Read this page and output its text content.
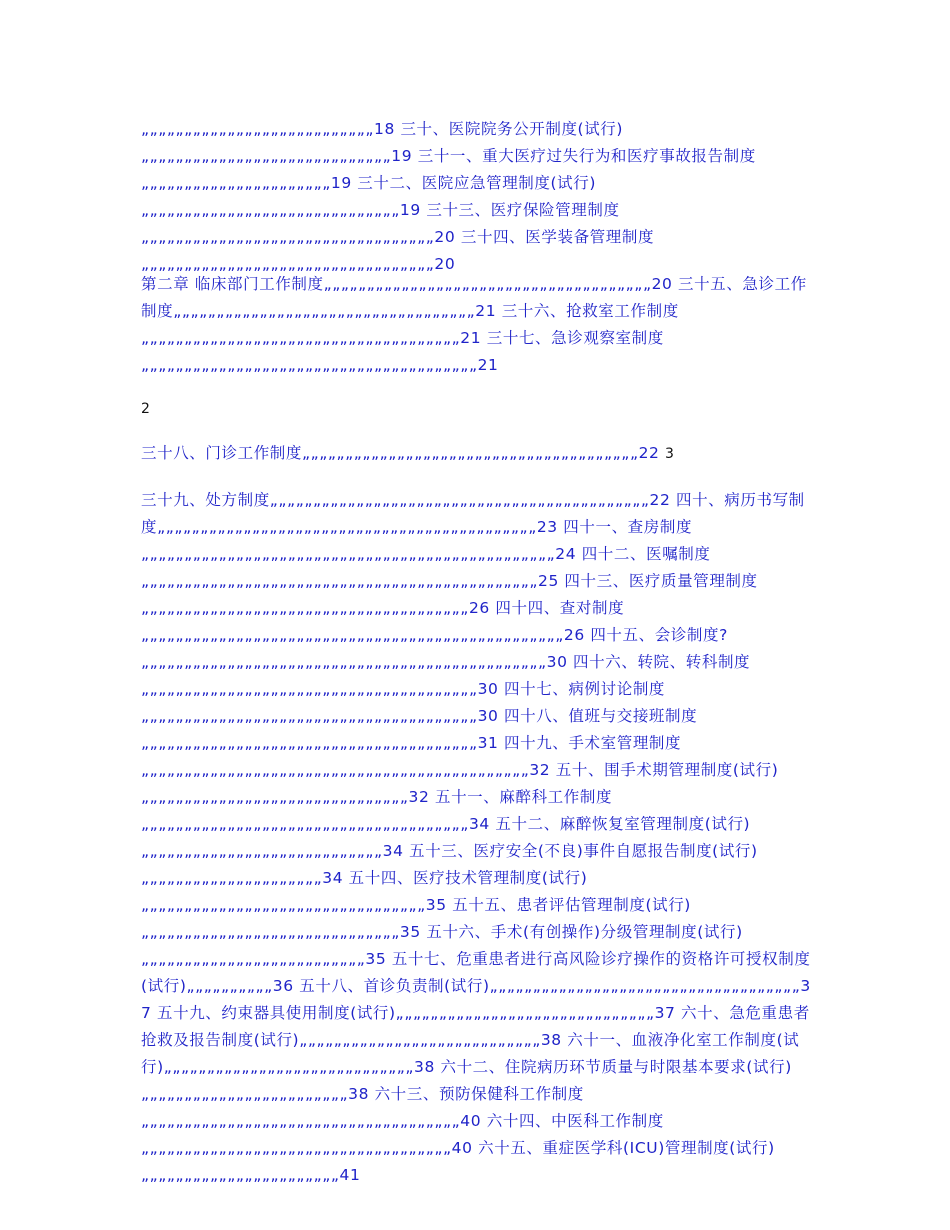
„„„„„„„„„„„„„„„„„„„„„„„„„„„18 三十、医院院务公开制度(试行)„„„„„„„„„„„„„„„„„„„„„„„„„„„„„19 三十一、重大医疗过失行为和医疗事故报告制度„„„„„„„„„„„„„„„„„„„„„„19 三十二、医院应急管理制度(试行)„„„„„„„„„„„„„„„„„„„„„„„„„„„„„„19 三十三、医疗保险管理制度„„„„„„„„„„„„„„„„„„„„„„„„„„„„„„„„„„20 三十四、医学装备管理制度„„„„„„„„„„„„„„„„„„„„„„„„„„„„„„„„„„20

第二章 临床部门工作制度„„„„„„„„„„„„„„„„„„„„„„„„„„„„„„„„„„„„„„20 三十五、急诊工作制度„„„„„„„„„„„„„„„„„„„„„„„„„„„„„„„„„„„21 三十六、抢救室工作制度„„„„„„„„„„„„„„„„„„„„„„„„„„„„„„„„„„„„„21 三十七、急诊观察室制度„„„„„„„„„„„„„„„„„„„„„„„„„„„„„„„„„„„„„„„21

2

三十八、门诊工作制度„„„„„„„„„„„„„„„„„„„„„„„„„„„„„„„„„„„„„„„22 3

三十九、处方制度„„„„„„„„„„„„„„„„„„„„„„„„„„„„„„„„„„„„„„„„„„„„22 四十、病历书写制度„„„„„„„„„„„„„„„„„„„„„„„„„„„„„„„„„„„„„„„„„„„„23 四十一、查房制度„„„„„„„„„„„„„„„„„„„„„„„„„„„„„„„„„„„„„„„„„„„„„„„„24 四十二、医嘱制度„„„„„„„„„„„„„„„„„„„„„„„„„„„„„„„„„„„„„„„„„„„„„„25 四十三、医疗质量管理制度„„„„„„„„„„„„„„„„„„„„„„„„„„„„„„„„„„„„„„26 四十四、查对制度„„„„„„„„„„„„„„„„„„„„„„„„„„„„„„„„„„„„„„„„„„„„„„„„„26 四十五、会诊制度?„„„„„„„„„„„„„„„„„„„„„„„„„„„„„„„„„„„„„„„„„„„„„„„30 四十六、转院、转科制度„„„„„„„„„„„„„„„„„„„„„„„„„„„„„„„„„„„„„„„30 四十七、病例讨论制度„„„„„„„„„„„„„„„„„„„„„„„„„„„„„„„„„„„„„„„30 四十八、值班与交接班制度„„„„„„„„„„„„„„„„„„„„„„„„„„„„„„„„„„„„„„„31 四十九、手术室管理制度„„„„„„„„„„„„„„„„„„„„„„„„„„„„„„„„„„„„„„„„„„„„„32 五十、围手术期管理制度(试行)„„„„„„„„„„„„„„„„„„„„„„„„„„„„„„„32 五十一、麻醉科工作制度„„„„„„„„„„„„„„„„„„„„„„„„„„„„„„„„„„„„„„34 五十二、麻醉恢复室管理制度(试行)„„„„„„„„„„„„„„„„„„„„„„„„„„„„34 五十三、医疗安全(不良)事件自愿报告制度(试行)„„„„„„„„„„„„„„„„„„„„„34 五十四、医疗技术管理制度(试行)„„„„„„„„„„„„„„„„„„„„„„„„„„„„„„„„„35 五十五、患者评估管理制度(试行)„„„„„„„„„„„„„„„„„„„„„„„„„„„„„„35 五十六、手术(有创操作)分级管理制度(试行)„„„„„„„„„„„„„„„„„„„„„„„„„„35 五十七、危重患者进行高风险诊疗操作的资格许可授权制度(试行)„„„„„„„„„„36 五十八、首诊负责制(试行)„„„„„„„„„„„„„„„„„„„„„„„„„„„„„„„„„„„„37 五十九、约束器具使用制度(试行)„„„„„„„„„„„„„„„„„„„„„„„„„„„„„„37 六十、急危重患者抢救及报告制度(试行)„„„„„„„„„„„„„„„„„„„„„„„„„„„„38 六十一、血液净化室工作制度(试行)„„„„„„„„„„„„„„„„„„„„„„„„„„„„„38 六十二、住院病历环节质量与时限基本要求(试行)„„„„„„„„„„„„„„„„„„„„„„„„38 六十三、预防保健科工作制度„„„„„„„„„„„„„„„„„„„„„„„„„„„„„„„„„„„„„40 六十四、中医科工作制度„„„„„„„„„„„„„„„„„„„„„„„„„„„„„„„„„„„„40 六十五、重症医学科(ICU)管理制度(试行) „„„„„„„„„„„„„„„„„„„„„„„41
